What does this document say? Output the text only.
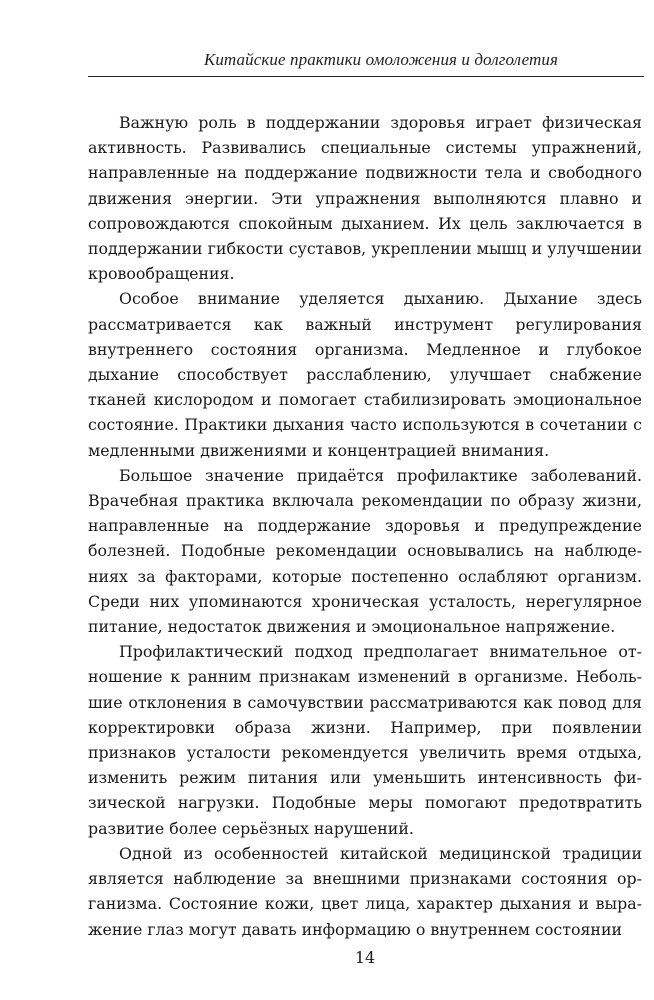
Китайские практики омоложения и долголетия

Важную роль в поддержании здоровья играет физическая активность. Развивались специальные системы упражнений, направленные на поддержание подвижности тела и свободного движения энергии. Эти упражнения выполняются плавно и сопровождаются спокойным дыханием. Их цель заключается в поддержании гибкости суставов, укреплении мышц и улучшении кровообращения.

Особое внимание уделяется дыханию. Дыхание здесь рассматривается как важный инструмент регулирования внутреннего состояния организма. Медленное и глубокое дыхание способствует расслаблению, улучшает снабжение тканей кислородом и помогает стабилизировать эмоциональное состояние. Практики дыхания часто используются в сочетании с медленными движениями и концентрацией внимания.

Большое значение придаётся профилактике заболеваний. Врачебная практика включала рекомендации по образу жизни, направленные на поддержание здоровья и предупреждение болезней. Подобные рекомендации основывались на наблюдениях за факторами, которые постепенно ослабляют организм. Среди них упоминаются хроническая усталость, нерегулярное питание, недостаток движения и эмоциональное напряжение.

Профилактический подход предполагает внимательное отношение к ранним признакам изменений в организме. Небольшие отклонения в самочувствии рассматриваются как повод для корректировки образа жизни. Например, при появлении признаков усталости рекомендуется увеличить время отдыха, изменить режим питания или уменьшить интенсивность физической нагрузки. Подобные меры помогают предотвратить развитие более серьёзных нарушений.

Одной из особенностей китайской медицинской традиции является наблюдение за внешними признаками состояния организма. Состояние кожи, цвет лица, характер дыхания и выражение глаз могут давать информацию о внутреннем состоянии

14
